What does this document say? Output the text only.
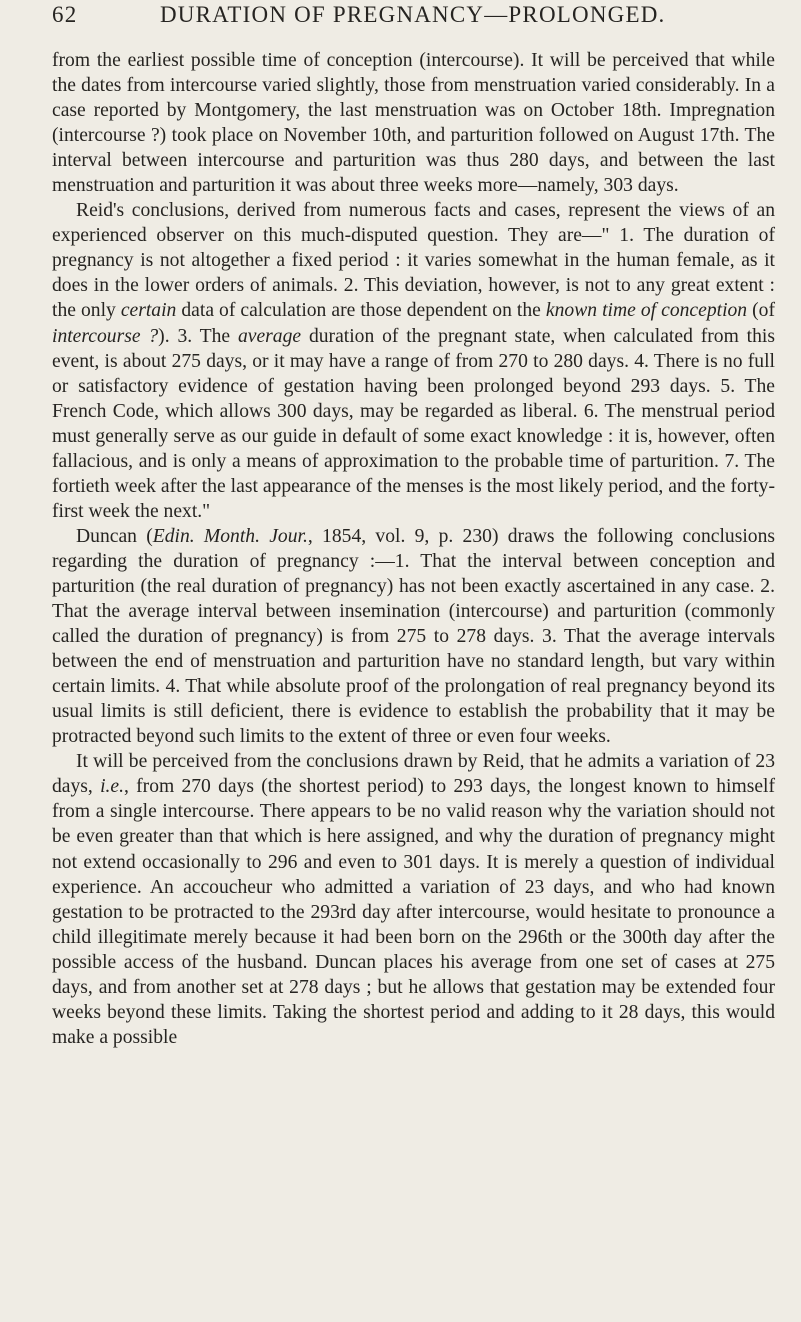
62	DURATION OF PREGNANCY—PROLONGED.

from the earliest possible time of conception (intercourse). It will be perceived that while the dates from intercourse varied slightly, those from menstruation varied considerably. In a case reported by Montgomery, the last menstruation was on October 18th. Impregnation (intercourse ?) took place on November 10th, and parturition followed on August 17th. The interval between intercourse and parturition was thus 280 days, and between the last menstruation and parturition it was about three weeks more—namely, 303 days.

Reid's conclusions, derived from numerous facts and cases, represent the views of an experienced observer on this much-disputed question. They are—" 1. The duration of pregnancy is not altogether a fixed period : it varies somewhat in the human female, as it does in the lower orders of animals. 2. This deviation, however, is not to any great extent : the only certain data of calculation are those dependent on the known time of conception (of intercourse ?). 3. The average duration of the pregnant state, when calculated from this event, is about 275 days, or it may have a range of from 270 to 280 days. 4. There is no full or satisfactory evidence of gestation having been prolonged beyond 293 days. 5. The French Code, which allows 300 days, may be regarded as liberal. 6. The menstrual period must generally serve as our guide in default of some exact knowledge : it is, however, often fallacious, and is only a means of approximation to the probable time of parturition. 7. The fortieth week after the last appearance of the menses is the most likely period, and the forty-first week the next."

Duncan (Edin. Month. Jour., 1854, vol. 9, p. 230) draws the following conclusions regarding the duration of pregnancy :—1. That the interval between conception and parturition (the real duration of pregnancy) has not been exactly ascertained in any case. 2. That the average interval between insemination (intercourse) and parturition (commonly called the duration of pregnancy) is from 275 to 278 days. 3. That the average intervals between the end of menstruation and parturition have no standard length, but vary within certain limits. 4. That while absolute proof of the prolongation of real pregnancy beyond its usual limits is still deficient, there is evidence to establish the probability that it may be protracted beyond such limits to the extent of three or even four weeks.

It will be perceived from the conclusions drawn by Reid, that he admits a variation of 23 days, i.e., from 270 days (the shortest period) to 293 days, the longest known to himself from a single intercourse. There appears to be no valid reason why the variation should not be even greater than that which is here assigned, and why the duration of pregnancy might not extend occasionally to 296 and even to 301 days. It is merely a question of individual experience. An accoucheur who admitted a variation of 23 days, and who had known gestation to be protracted to the 293rd day after intercourse, would hesitate to pronounce a child illegitimate merely because it had been born on the 296th or the 300th day after the possible access of the husband. Duncan places his average from one set of cases at 275 days, and from another set at 278 days ; but he allows that gestation may be extended four weeks beyond these limits. Taking the shortest period and adding to it 28 days, this would make a possible
